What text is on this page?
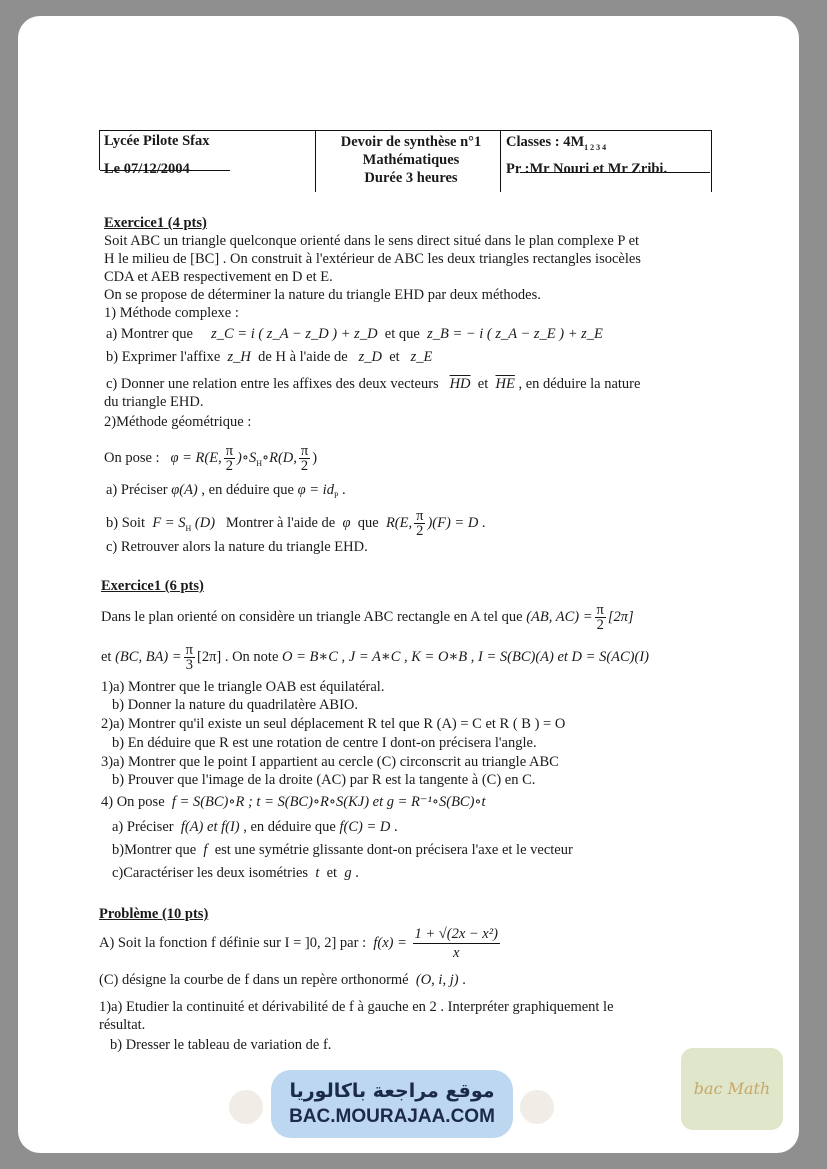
Lycée Pilote Sfax
Le 07/12/2004
Devoir de synthèse n°1
Mathématiques
Durée 3 heures
Classes : $4M_{1 2 3 4}$
Pr :Mr Nouri et Mr Zribi.
Exercice1 (4 pts)
Soit ABC un triangle quelconque orienté dans le sens direct situé dans le plan complexe P et
H le milieu de [BC] . On construit à l'extérieur de ABC les deux triangles rectangles isocèles
CDA et AEB respectivement en D et E.
On se propose de déterminer la nature du triangle EHD par deux méthodes.
1) Méthode complexe :
a) Montrer que z_C = i ( z_A − z_D ) + z_D et que z_B = − i ( z_A − z_E ) + z_E
b) Exprimer l'affixe z_H de H à l'aide de z_D et z_E
c) Donner une relation entre les affixes des deux vecteurs $\overline{HD}$ et $\overline{HE}$ , en déduire la nature
du triangle EHD.
2)Méthode géométrique :
On pose : φ = R(E, $\frac{\pi}{2}$ )$\circ S_H\circ R(D$, $\frac{\pi}{2}$ )
a) Préciser φ(A) , en déduire que $\varphi = id_P$ .
b) Soit $F = S_H$ (D) Montrer à l'aide de φ que R(E, $\frac{\pi}{2} )(F) = D$ .
c) Retrouver alors la nature du triangle EHD.
Exercice1 (6 pts)
Dans le plan orienté on considère un triangle ABC rectangle en A tel que (AB, $AC) = \frac{\pi}{2} [2\pi]$
et (BC, $BA) = \frac{\pi}{3} [2\pi]$ . On note O = B∗C , J = A∗C , K = O∗B , I = S(BC)(A) et D = S(AC)(I)
1)a) Montrer que le triangle OAB est équilatéral.
b) Donner la nature du quadrilatère ABIO.
2)a) Montrer qu'il existe un seul déplacement R tel que R (A) = C et R ( B ) = O
b) En déduire que R est une rotation de centre I dont-on précisera l'angle.
3)a) Montrer que le point I appartient au cercle (C) circonscrit au triangle ABC
b) Prouver que l'image de la droite (AC) par R est la tangente à (C) en C.
4) On pose f = S(BC)∘R ; t = S(BC)∘R∘S(KJ) et g = R⁻¹∘S(BC)∘t
a) Préciser f(A) et f(I) , en déduire que f(C) = D .
b)Montrer que f est une symétrie glissante dont-on précisera l'axe et le vecteur
c)Caractériser les deux isométries t et g .
Problème (10 pts)
A) Soit la fonction f définie sur I = ]0, 2] par : $f(x) = \frac{\text{1 + √(2x − x²)}}{x}$
(C) désigne la courbe de f dans un repère orthonormé (O, i, j) .
1)a) Etudier la continuité et dérivabilité de f à gauche en 2 . Interpréter graphiquement le
résultat.
b) Dresser le tableau de variation de f.
موقع مراجعة باكالوريا
BAC.MOURAJAA.COM
bac Math
